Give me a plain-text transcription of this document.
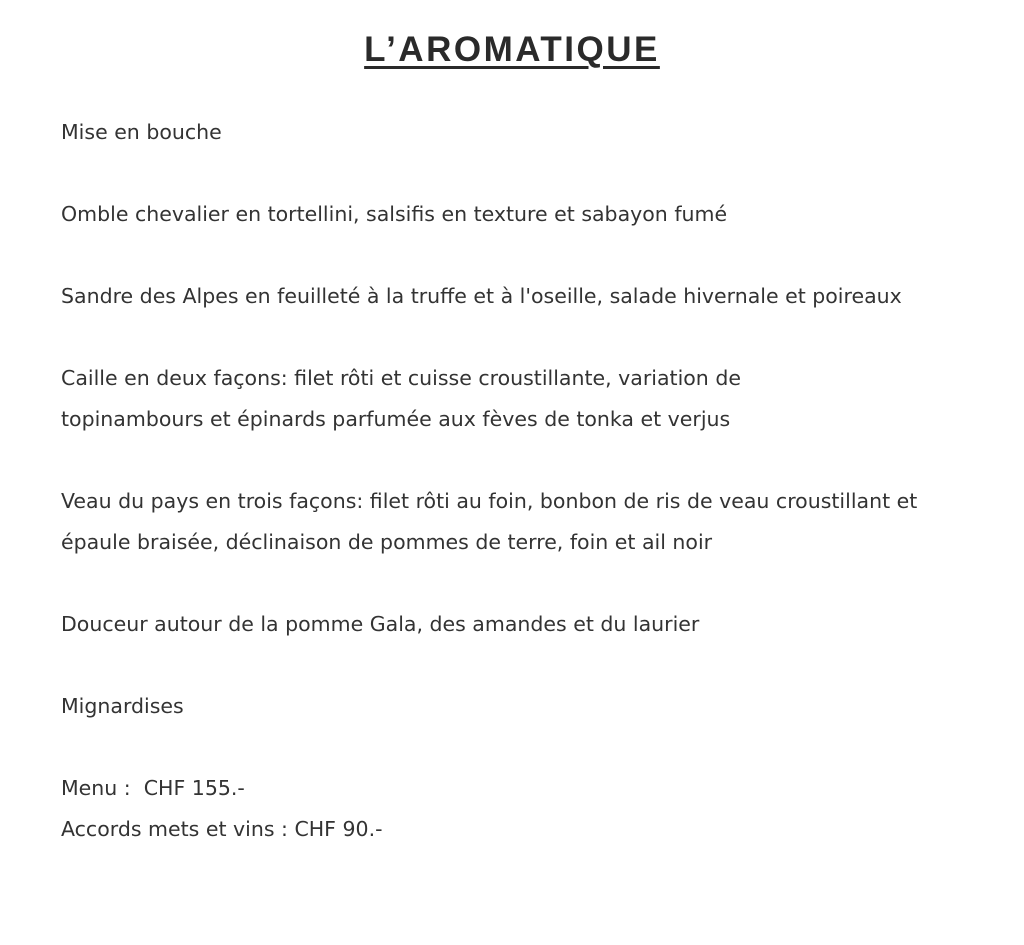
L’AROMATIQUE

Mise en bouche

Omble chevalier en tortellini, salsifis en texture et sabayon fumé

Sandre des Alpes en feuilleté à la truffe et à l'oseille, salade hivernale et poireaux

Caille en deux façons: filet rôti et cuisse croustillante, variation de topinambours et épinards parfumée aux fèves de tonka et verjus

Veau du pays en trois façons: filet rôti au foin, bonbon de ris de veau croustillant et épaule braisée, déclinaison de pommes de terre, foin et ail noir

Douceur autour de la pomme Gala, des amandes et du laurier

Mignardises

Menu :  CHF 155.-

Accords mets et vins : CHF 90.-
